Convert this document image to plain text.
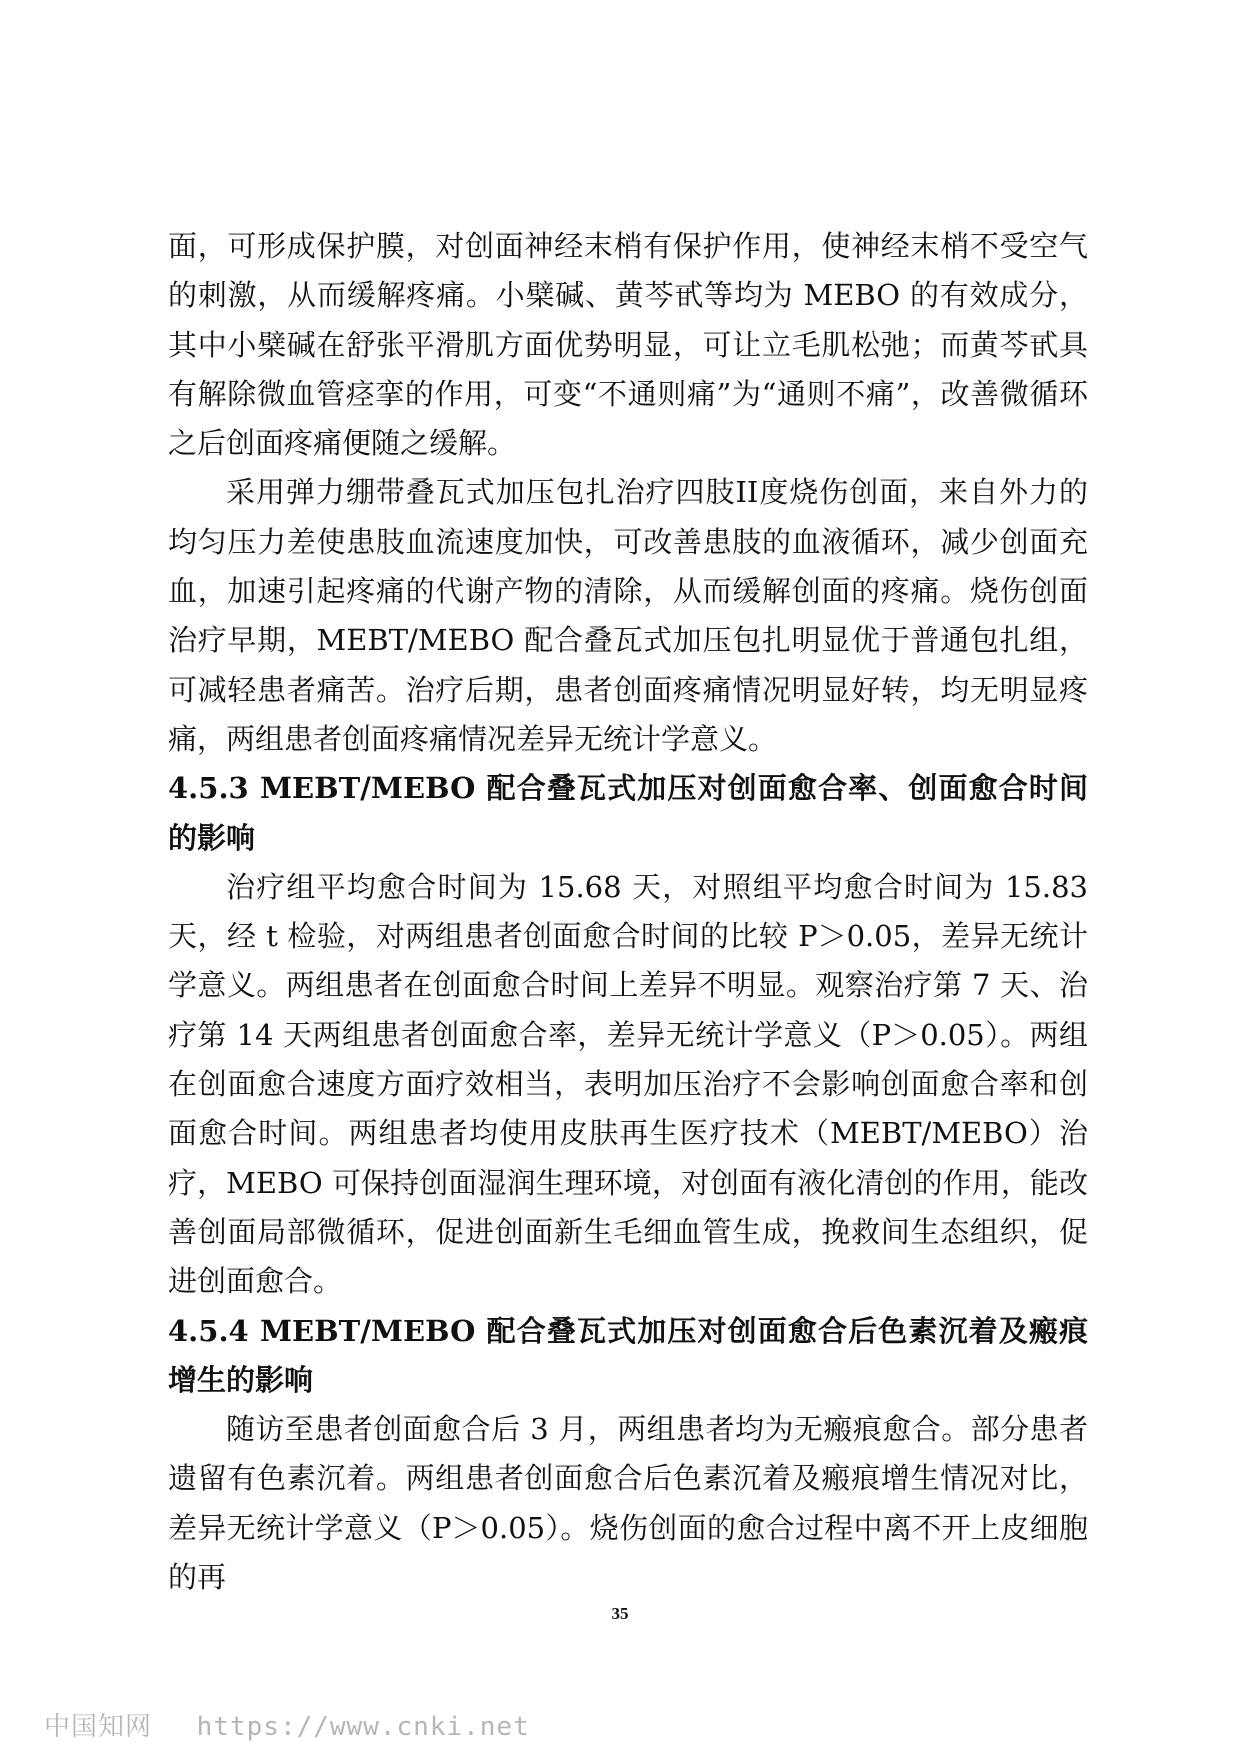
面，可形成保护膜，对创面神经末梢有保护作用，使神经末梢不受空气的刺激，从而缓解疼痛。小檗碱、黄芩甙等均为 MEBO 的有效成分，其中小檗碱在舒张平滑肌方面优势明显，可让立毛肌松弛；而黄芩甙具有解除微血管痉挛的作用，可变“不通则痛”为“通则不痛”，改善微循环之后创面疼痛便随之缓解。

采用弹力绷带叠瓦式加压包扎治疗四肢II度烧伤创面，来自外力的均匀压力差使患肢血流速度加快，可改善患肢的血液循环，减少创面充血，加速引起疼痛的代谢产物的清除，从而缓解创面的疼痛。烧伤创面治疗早期，MEBT/MEBO 配合叠瓦式加压包扎明显优于普通包扎组，可减轻患者痛苦。治疗后期，患者创面疼痛情况明显好转，均无明显疼痛，两组患者创面疼痛情况差异无统计学意义。

4.5.3 MEBT/MEBO 配合叠瓦式加压对创面愈合率、创面愈合时间的影响

治疗组平均愈合时间为 15.68 天，对照组平均愈合时间为 15.83 天，经 t 检验，对两组患者创面愈合时间的比较 P＞0.05，差异无统计学意义。两组患者在创面愈合时间上差异不明显。观察治疗第 7 天、治疗第 14 天两组患者创面愈合率，差异无统计学意义（P＞0.05）。两组在创面愈合速度方面疗效相当，表明加压治疗不会影响创面愈合率和创面愈合时间。两组患者均使用皮肤再生医疗技术（MEBT/MEBO）治疗，MEBO 可保持创面湿润生理环境，对创面有液化清创的作用，能改善创面局部微循环，促进创面新生毛细血管生成，挽救间生态组织，促进创面愈合。

4.5.4 MEBT/MEBO 配合叠瓦式加压对创面愈合后色素沉着及瘢痕增生的影响

随访至患者创面愈合后 3 月，两组患者均为无瘢痕愈合。部分患者遗留有色素沉着。两组患者创面愈合后色素沉着及瘢痕增生情况对比，差异无统计学意义（P＞0.05）。烧伤创面的愈合过程中离不开上皮细胞的再

35
中国知网 https://www.cnki.net
